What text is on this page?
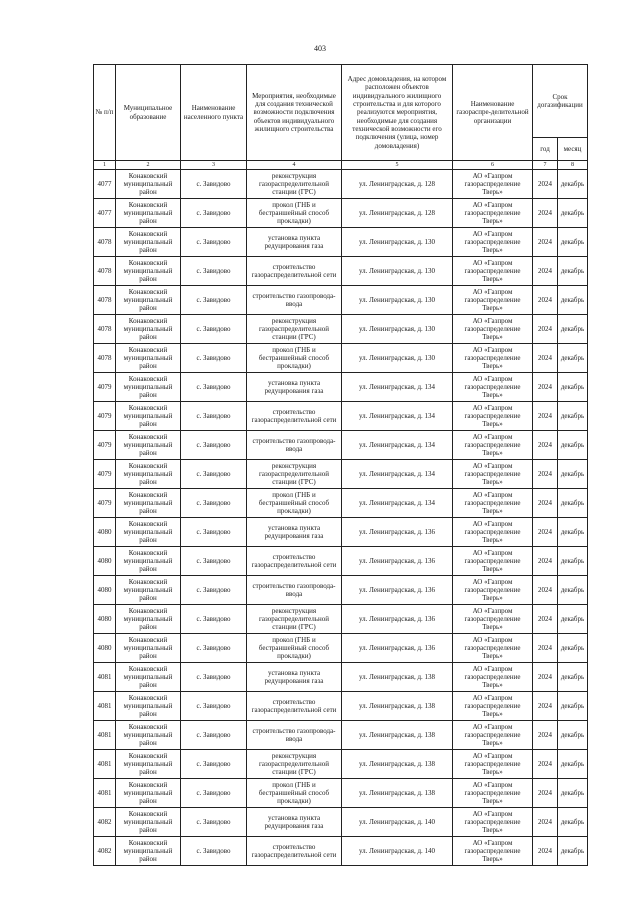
403
№ п/п	Муниципальное образование	Наименование населенного пункта	Мероприятия, необходимые для создания технической возможности подключения объектов индивидуального жилищного строительства	Адрес домовладения, на котором расположен объектов индивидуального жилищного строительства и для которого реализуются мероприятия, необходимые для создания технической возможности его подключения (улица, номер домовладения)	Наименование газораспре-делительной организации	Срок догазификации	
						год	месяц
1	2	3	4	5	6	7	8
4077	Конаковский муниципальный район	с. Завидово	реконструкция газораспределительной станции (ГРС)	ул. Ленинградская, д. 128	АО «Газпром газораспределение Тверь»	2024	декабрь
4077	Конаковский муниципальный район	с. Завидово	прокол (ГНБ и бестраншейный способ прокладки)	ул. Ленинградская, д. 128	АО «Газпром газораспределение Тверь»	2024	декабрь
4078	Конаковский муниципальный район	с. Завидово	установка пункта редуцирования газа	ул. Ленинградская, д. 130	АО «Газпром газораспределение Тверь»	2024	декабрь
4078	Конаковский муниципальный район	с. Завидово	строительство газораспределительной сети	ул. Ленинградская, д. 130	АО «Газпром газораспределение Тверь»	2024	декабрь
4078	Конаковский муниципальный район	с. Завидово	строительство газопровода-ввода	ул. Ленинградская, д. 130	АО «Газпром газораспределение Тверь»	2024	декабрь
4078	Конаковский муниципальный район	с. Завидово	реконструкция газораспределительной станции (ГРС)	ул. Ленинградская, д. 130	АО «Газпром газораспределение Тверь»	2024	декабрь
4078	Конаковский муниципальный район	с. Завидово	прокол (ГНБ и бестраншейный способ прокладки)	ул. Ленинградская, д. 130	АО «Газпром газораспределение Тверь»	2024	декабрь
4079	Конаковский муниципальный район	с. Завидово	установка пункта редуцирования газа	ул. Ленинградская, д. 134	АО «Газпром газораспределение Тверь»	2024	декабрь
4079	Конаковский муниципальный район	с. Завидово	строительство газораспределительной сети	ул. Ленинградская, д. 134	АО «Газпром газораспределение Тверь»	2024	декабрь
4079	Конаковский муниципальный район	с. Завидово	строительство газопровода-ввода	ул. Ленинградская, д. 134	АО «Газпром газораспределение Тверь»	2024	декабрь
4079	Конаковский муниципальный район	с. Завидово	реконструкция газораспределительной станции (ГРС)	ул. Ленинградская, д. 134	АО «Газпром газораспределение Тверь»	2024	декабрь
4079	Конаковский муниципальный район	с. Завидово	прокол (ГНБ и бестраншейный способ прокладки)	ул. Ленинградская, д. 134	АО «Газпром газораспределение Тверь»	2024	декабрь
4080	Конаковский муниципальный район	с. Завидово	установка пункта редуцирования газа	ул. Ленинградская, д. 136	АО «Газпром газораспределение Тверь»	2024	декабрь
4080	Конаковский муниципальный район	с. Завидово	строительство газораспределительной сети	ул. Ленинградская, д. 136	АО «Газпром газораспределение Тверь»	2024	декабрь
4080	Конаковский муниципальный район	с. Завидово	строительство газопровода-ввода	ул. Ленинградская, д. 136	АО «Газпром газораспределение Тверь»	2024	декабрь
4080	Конаковский муниципальный район	с. Завидово	реконструкция газораспределительной станции (ГРС)	ул. Ленинградская, д. 136	АО «Газпром газораспределение Тверь»	2024	декабрь
4080	Конаковский муниципальный район	с. Завидово	прокол (ГНБ и бестраншейный способ прокладки)	ул. Ленинградская, д. 136	АО «Газпром газораспределение Тверь»	2024	декабрь
4081	Конаковский муниципальный район	с. Завидово	установка пункта редуцирования газа	ул. Ленинградская, д. 138	АО «Газпром газораспределение Тверь»	2024	декабрь
4081	Конаковский муниципальный район	с. Завидово	строительство газораспределительной сети	ул. Ленинградская, д. 138	АО «Газпром газораспределение Тверь»	2024	декабрь
4081	Конаковский муниципальный район	с. Завидово	строительство газопровода-ввода	ул. Ленинградская, д. 138	АО «Газпром газораспределение Тверь»	2024	декабрь
4081	Конаковский муниципальный район	с. Завидово	реконструкция газораспределительной станции (ГРС)	ул. Ленинградская, д. 138	АО «Газпром газораспределение Тверь»	2024	декабрь
4081	Конаковский муниципальный район	с. Завидово	прокол (ГНБ и бестраншейный способ прокладки)	ул. Ленинградская, д. 138	АО «Газпром газораспределение Тверь»	2024	декабрь
4082	Конаковский муниципальный район	с. Завидово	установка пункта редуцирования газа	ул. Ленинградская, д. 140	АО «Газпром газораспределение Тверь»	2024	декабрь
4082	Конаковский муниципальный район	с. Завидово	строительство газораспределительной сети	ул. Ленинградская, д. 140	АО «Газпром газораспределение Тверь»	2024	декабрь
